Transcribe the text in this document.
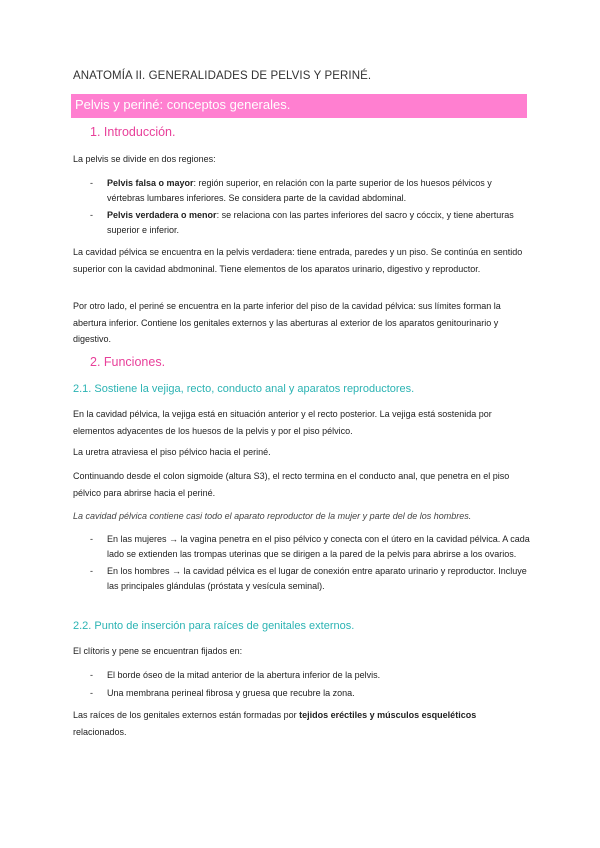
ANATOMÍA II. GENERALIDADES DE PELVIS Y PERINÉ.
Pelvis y periné: conceptos generales.
1. Introducción.
La pelvis se divide en dos regiones:
- Pelvis falsa o mayor: región superior, en relación con la parte superior de los huesos pélvicos y vértebras lumbares inferiores. Se considera parte de la cavidad abdominal.
- Pelvis verdadera o menor: se relaciona con las partes inferiores del sacro y cóccix, y tiene aberturas superior e inferior.
La cavidad pélvica se encuentra en la pelvis verdadera: tiene entrada, paredes y un piso. Se continúa en sentido superior con la cavidad abdmoninal. Tiene elementos de los aparatos urinario, digestivo y reproductor.
Por otro lado, el periné se encuentra en la parte inferior del piso de la cavidad pélvica: sus límites forman la abertura inferior. Contiene los genitales externos y las aberturas al exterior de los aparatos genitourinario y digestivo.
2. Funciones.
2.1. Sostiene la vejiga, recto, conducto anal y aparatos reproductores.
En la cavidad pélvica, la vejiga está en situación anterior y el recto posterior. La vejiga está sostenida por elementos adyacentes de los huesos de la pelvis y por el piso pélvico.
La uretra atraviesa el piso pélvico hacia el periné.
Continuando desde el colon sigmoide (altura S3), el recto termina en el conducto anal, que penetra en el piso pélvico para abrirse hacia el periné.
La cavidad pélvica contiene casi todo el aparato reproductor de la mujer y parte del de los hombres.
- En las mujeres → la vagina penetra en el piso pélvico y conecta con el útero en la cavidad pélvica. A cada lado se extienden las trompas uterinas que se dirigen a la pared de la pelvis para abrirse a los ovarios.
- En los hombres → la cavidad pélvica es el lugar de conexión entre aparato urinario y reproductor. Incluye las principales glándulas (próstata y vesícula seminal).
2.2. Punto de inserción para raíces de genitales externos.
El clítoris y pene se encuentran fijados en:
- El borde óseo de la mitad anterior de la abertura inferior de la pelvis.
- Una membrana perineal fibrosa y gruesa que recubre la zona.
Las raíces de los genitales externos están formadas por tejidos eréctiles y músculos esqueléticos relacionados.
